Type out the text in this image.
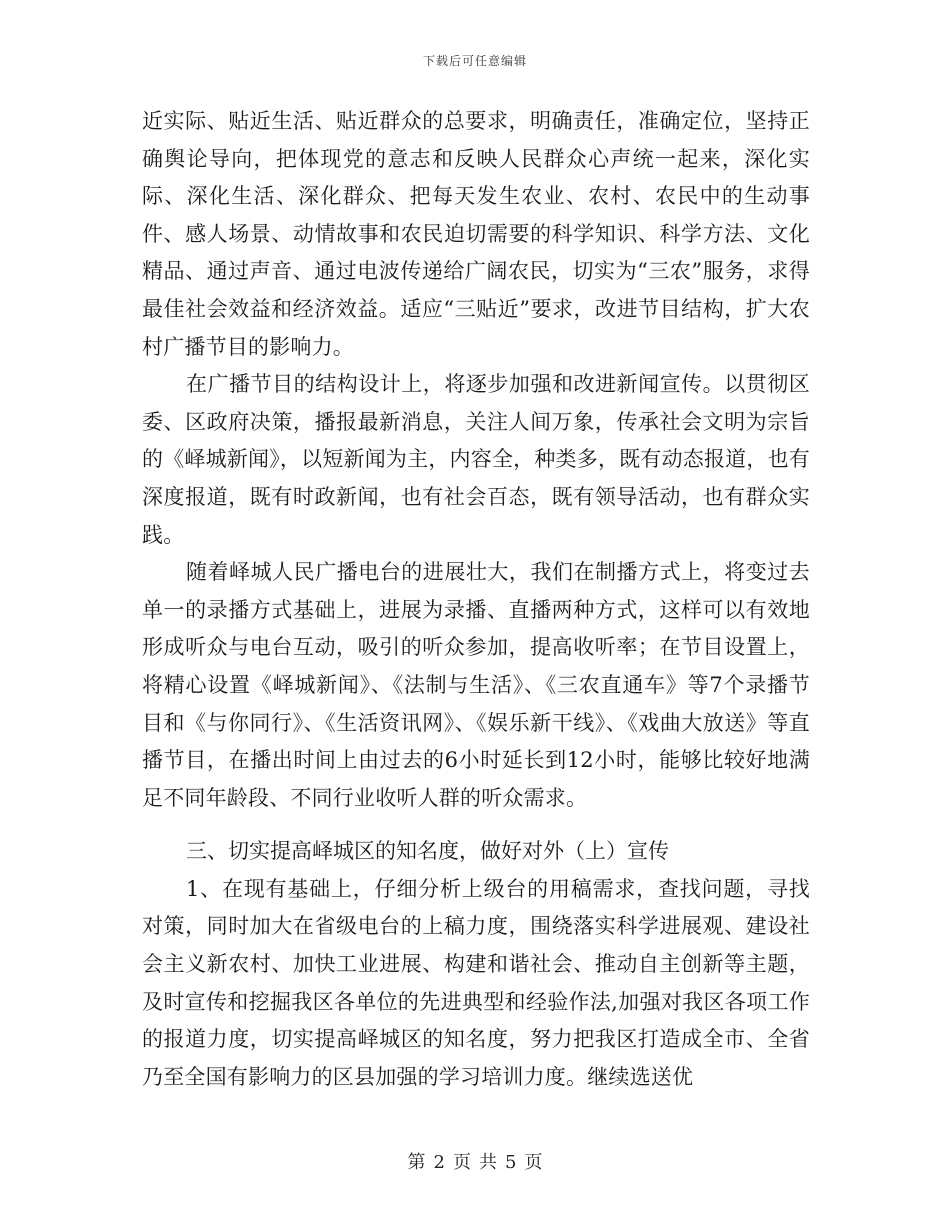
下载后可任意编辑

近实际、贴近生活、贴近群众的总要求，明确责任，准确定位，坚持正确舆论导向，把体现党的意志和反映人民群众心声统一起来，深化实际、深化生活、深化群众、把每天发生农业、农村、农民中的生动事件、感人场景、动情故事和农民迫切需要的科学知识、科学方法、文化精品、通过声音、通过电波传递给广阔农民，切实为“三农”服务，求得最佳社会效益和经济效益。适应“三贴近”要求，改进节目结构，扩大农村广播节目的影响力。

在广播节目的结构设计上，将逐步加强和改进新闻宣传。以贯彻区委、区政府决策，播报最新消息，关注人间万象，传承社会文明为宗旨的《峄城新闻》，以短新闻为主，内容全，种类多，既有动态报道，也有深度报道，既有时政新闻，也有社会百态，既有领导活动，也有群众实践。

随着峄城人民广播电台的进展壮大，我们在制播方式上，将变过去单一的录播方式基础上，进展为录播、直播两种方式，这样可以有效地形成听众与电台互动，吸引的听众参加，提高收听率；在节目设置上，将精心设置《峄城新闻》、《法制与生活》、《三农直通车》等7个录播节目和《与你同行》、《生活资讯网》、《娱乐新干线》、《戏曲大放送》等直播节目，在播出时间上由过去的6小时延长到12小时，能够比较好地满足不同年龄段、不同行业收听人群的听众需求。

三、切实提高峄城区的知名度，做好对外（上）宣传

1、在现有基础上，仔细分析上级台的用稿需求，查找问题，寻找对策，同时加大在省级电台的上稿力度，围绕落实科学进展观、建设社会主义新农村、加快工业进展、构建和谐社会、推动自主创新等主题，及时宣传和挖掘我区各单位的先进典型和经验作法,加强对我区各项工作的报道力度，切实提高峄城区的知名度，努力把我区打造成全市、全省乃至全国有影响力的区县加强的学习培训力度。继续选送优

第 2 页 共 5 页
